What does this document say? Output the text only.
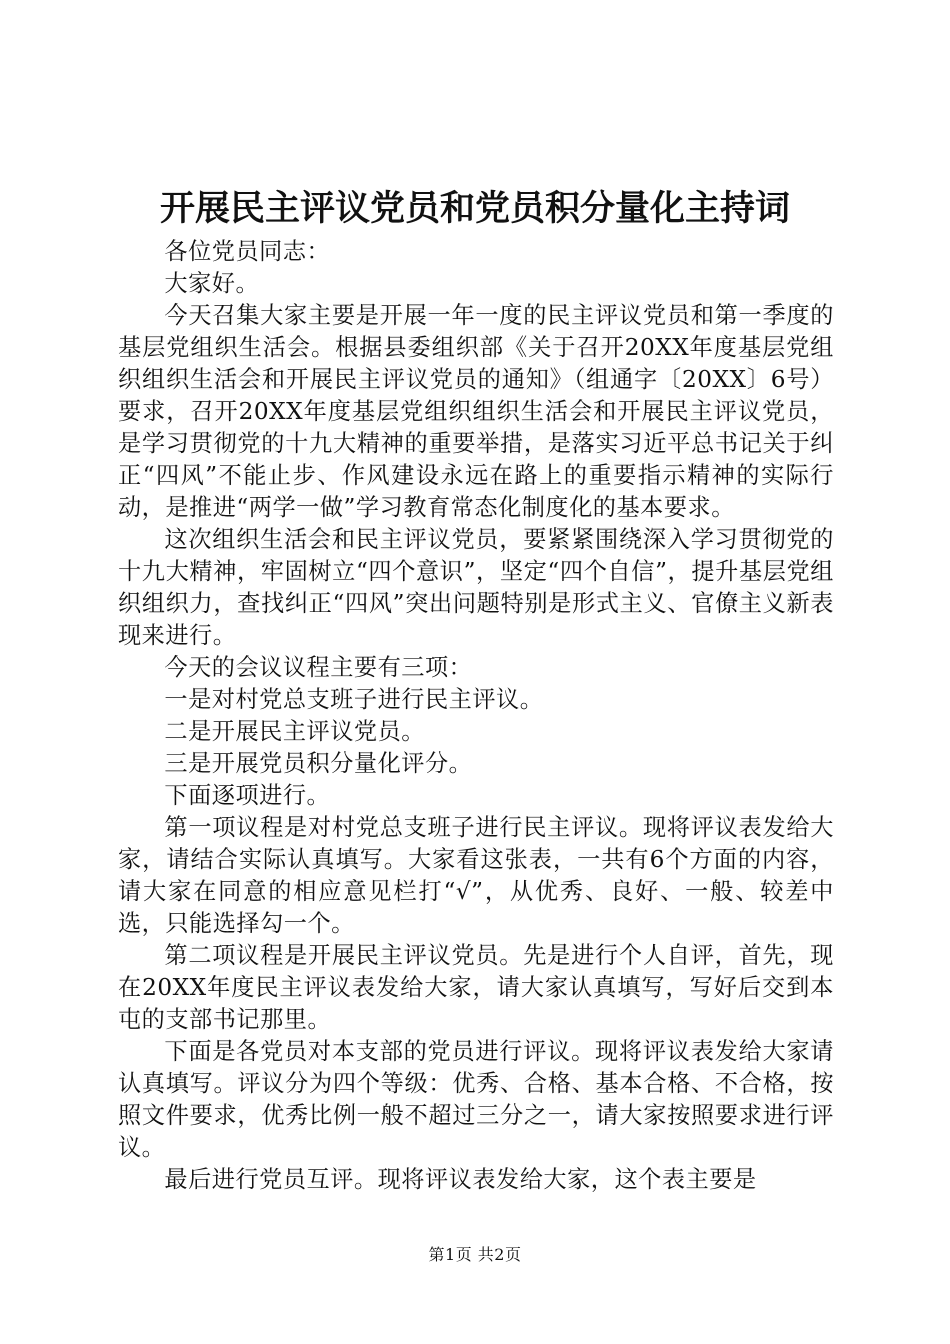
开展民主评议党员和党员积分量化主持词

各位党员同志：

大家好。

今天召集大家主要是开展一年一度的民主评议党员和第一季度的基层党组织生活会。根据县委组织部《关于召开20XX年度基层党组织组织生活会和开展民主评议党员的通知》（组通字〔20XX〕6号）要求，召开20XX年度基层党组织组织生活会和开展民主评议党员，是学习贯彻党的十九大精神的重要举措，是落实习近平总书记关于纠正“四风”不能止步、作风建设永远在路上的重要指示精神的实际行动，是推进“两学一做”学习教育常态化制度化的基本要求。

这次组织生活会和民主评议党员，要紧紧围绕深入学习贯彻党的十九大精神，牢固树立“四个意识”，坚定“四个自信”，提升基层党组织组织力，查找纠正“四风”突出问题特别是形式主义、官僚主义新表现来进行。

今天的会议议程主要有三项：

一是对村党总支班子进行民主评议。

二是开展民主评议党员。

三是开展党员积分量化评分。

下面逐项进行。

第一项议程是对村党总支班子进行民主评议。现将评议表发给大家，请结合实际认真填写。大家看这张表，一共有6个方面的内容，请大家在同意的相应意见栏打“√”，从优秀、良好、一般、较差中选，只能选择勾一个。

第二项议程是开展民主评议党员。先是进行个人自评，首先，现在20XX年度民主评议表发给大家，请大家认真填写，写好后交到本屯的支部书记那里。

下面是各党员对本支部的党员进行评议。现将评议表发给大家请认真填写。评议分为四个等级：优秀、合格、基本合格、不合格，按照文件要求，优秀比例一般不超过三分之一，请大家按照要求进行评议。

最后进行党员互评。现将评议表发给大家，这个表主要是

第1页 共2页
